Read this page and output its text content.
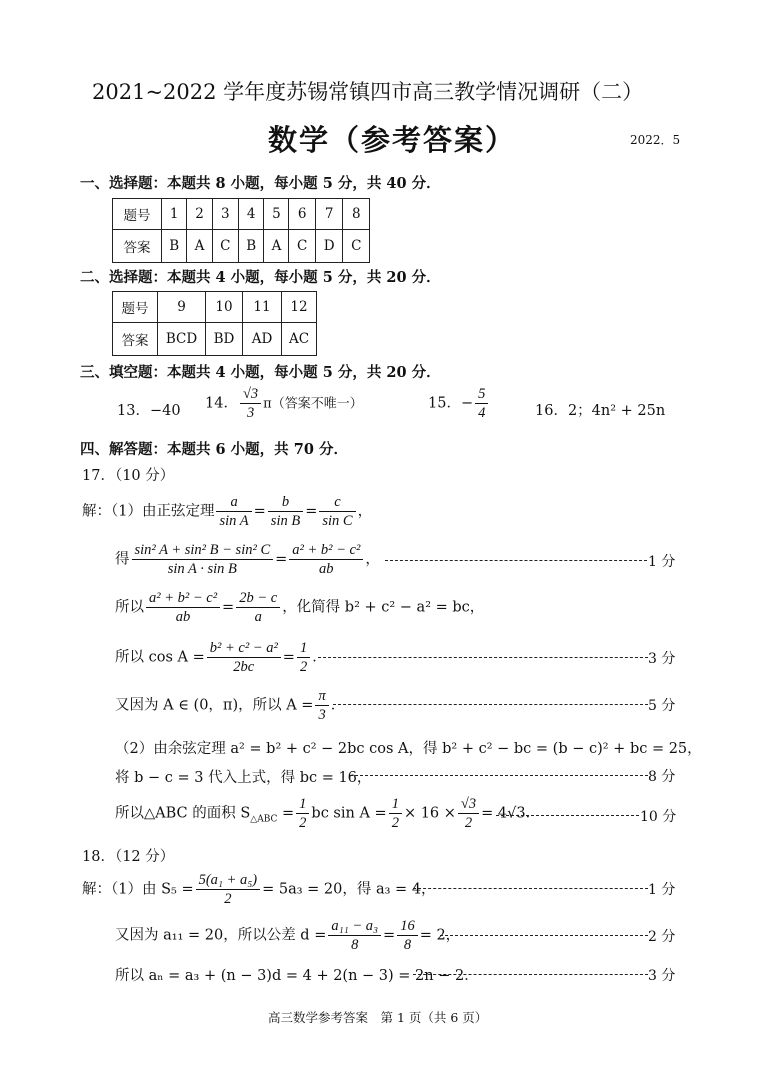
2021~2022 学年度苏锡常镇四市高三教学情况调研（二）
数学（参考答案）	2022．5
一、选择题：本题共 8 小题，每小题 5 分，共 40 分．
题号	1	2	3	4	5	6	7	8
答案	B	A	C	B	A	C	D	C
二、选择题：本题共 4 小题，每小题 5 分，共 20 分．
题号	9	10	11	12
答案	BCD	BD	AD	AC
三、填空题：本题共 4 小题，每小题 5 分，共 20 分．
13．−40 14． $\frac{√3}{3} \pi$（答案不唯一）	15．− $\frac{5}{4}$	16．2；4n² + 25n
四、解答题：本题共 6 小题，共 70 分．
17．（10 分）
解：（1）由正弦定理 $\frac{a}{\text{sin A}} = \frac{b}{\text{sin B}} = \frac{c}{\text{sin C}}$ ，
得 $\frac{\text{sin² A + sin² B − sin² C}}{\text{sin A · sin B}} = \frac{\text{a² + b² − c²}}{ab}$ ，	1 分
所以 $\frac{\text{a² + b² − c²}}{ab} = \frac{2b - c}{a}$ ，化简得 b² + c² − a² = bc，
所以 $\cos A = \frac{\text{b² + c² − a²}}{2bc} = \frac{1}{2}$ ．	3 分
又因为 A ∈ (0，π)，所以 $A = \frac{\pi}{3}$ ．	5 分
（2）由余弦定理 a² = b² + c² − 2bc cos A，得 b² + c² − bc = (b − c)² + bc = 25，
将 b − c = 3 代入上式，得 bc = 16，	8 分
所以△ABC 的面积 $S_{\triangle ABC} = \frac{1}{2}$ bc $\sin A = \frac{1}{2} \times 16 \times \frac{√3}{2} = 4√3$．	10 分
18．（12 分）
解：（1）由 $S_5 = \frac{\text{5(a₁ + a₅)}}{2} = 5a_3 = 20$，得 a₃ = 4，	1 分
又因为 a₁₁ = 20，所以公差 $d = \frac{\text{a₁₁ − a₃}}{8} = \frac{16}{8} = 2$，	2 分
所以 aₙ = a₃ + (n − 3)d = 4 + 2(n − 3) = 2n − 2．	3 分
高三数学参考答案　第 1 页（共 6 页）
